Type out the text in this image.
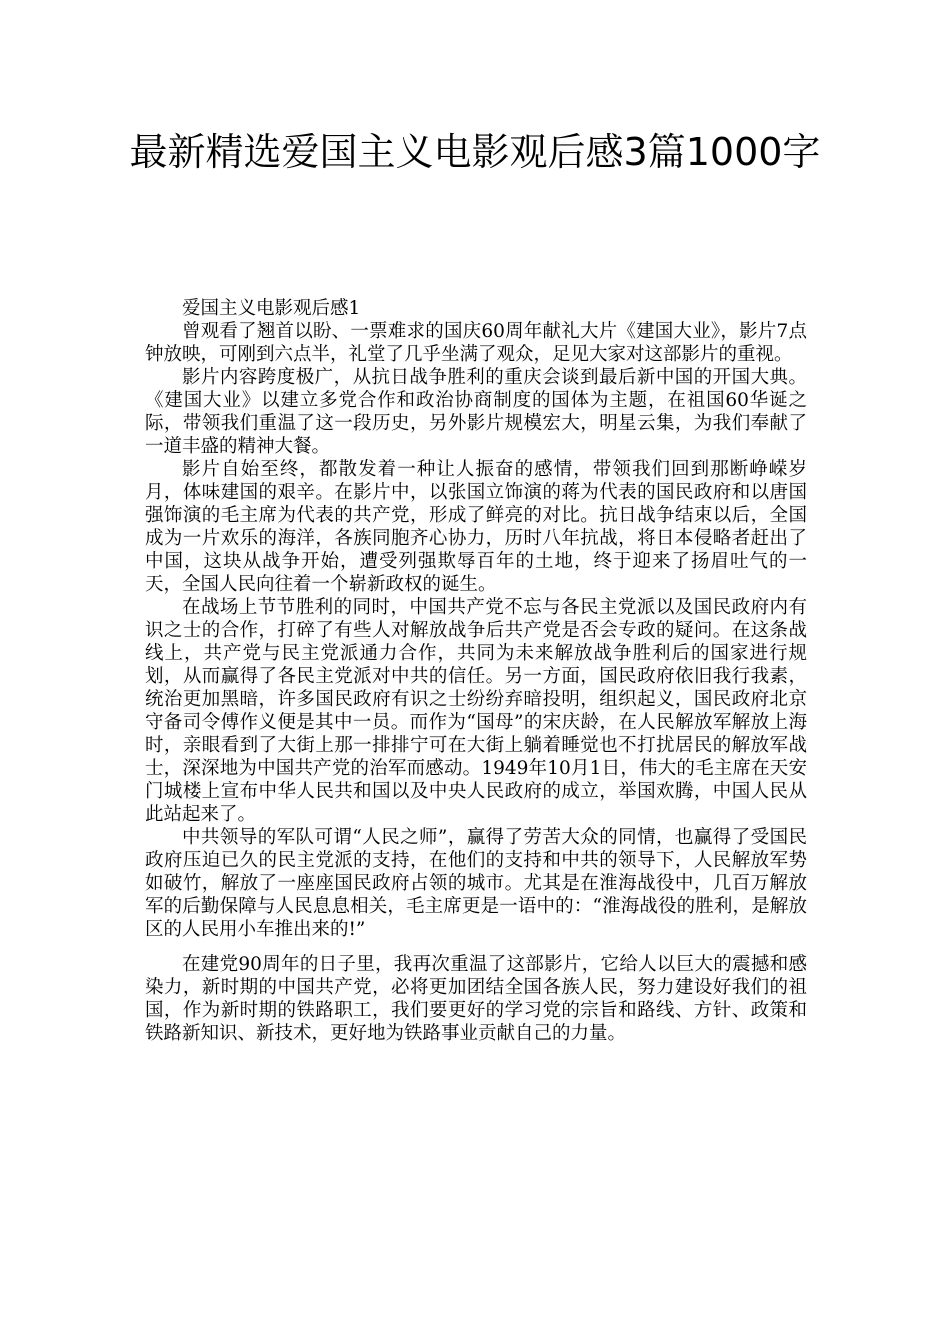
最新精选爱国主义电影观后感3篇1000字
爱国主义电影观后感1

曾观看了翘首以盼、一票难求的国庆60周年献礼大片《建国大业》，影片7点钟放映，可刚到六点半，礼堂了几乎坐满了观众，足见大家对这部影片的重视。

影片内容跨度极广，从抗日战争胜利的重庆会谈到最后新中国的开国大典。《建国大业》以建立多党合作和政治协商制度的国体为主题，在祖国60华诞之际，带领我们重温了这一段历史，另外影片规模宏大，明星云集，为我们奉献了一道丰盛的精神大餐。

影片自始至终，都散发着一种让人振奋的感情，带领我们回到那断峥嵘岁月，体味建国的艰辛。在影片中，以张国立饰演的蒋为代表的国民政府和以唐国强饰演的毛主席为代表的共产党，形成了鲜亮的对比。抗日战争结束以后，全国成为一片欢乐的海洋，各族同胞齐心协力，历时八年抗战，将日本侵略者赶出了中国，这块从战争开始，遭受列强欺辱百年的土地，终于迎来了扬眉吐气的一天，全国人民向往着一个崭新政权的诞生。

在战场上节节胜利的同时，中国共产党不忘与各民主党派以及国民政府内有识之士的合作，打碎了有些人对解放战争后共产党是否会专政的疑问。在这条战线上，共产党与民主党派通力合作，共同为未来解放战争胜利后的国家进行规划，从而赢得了各民主党派对中共的信任。另一方面，国民政府依旧我行我素，统治更加黑暗，许多国民政府有识之士纷纷弃暗投明，组织起义，国民政府北京守备司令傅作义便是其中一员。而作为“国母”的宋庆龄，在人民解放军解放上海时，亲眼看到了大街上那一排排宁可在大街上躺着睡觉也不打扰居民的解放军战士，深深地为中国共产党的治军而感动。1949年10月1日，伟大的毛主席在天安门城楼上宣布中华人民共和国以及中央人民政府的成立，举国欢腾，中国人民从此站起来了。

中共领导的军队可谓“人民之师”，赢得了劳苦大众的同情，也赢得了受国民政府压迫已久的民主党派的支持，在他们的支持和中共的领导下，人民解放军势如破竹，解放了一座座国民政府占领的城市。尤其是在淮海战役中，几百万解放军的后勤保障与人民息息相关，毛主席更是一语中的：“淮海战役的胜利，是解放区的人民用小车推出来的!”

在建党90周年的日子里，我再次重温了这部影片，它给人以巨大的震撼和感染力，新时期的中国共产党，必将更加团结全国各族人民，努力建设好我们的祖国，作为新时期的铁路职工，我们要更好的学习党的宗旨和路线、方针、政策和铁路新知识、新技术，更好地为铁路事业贡献自己的力量。
